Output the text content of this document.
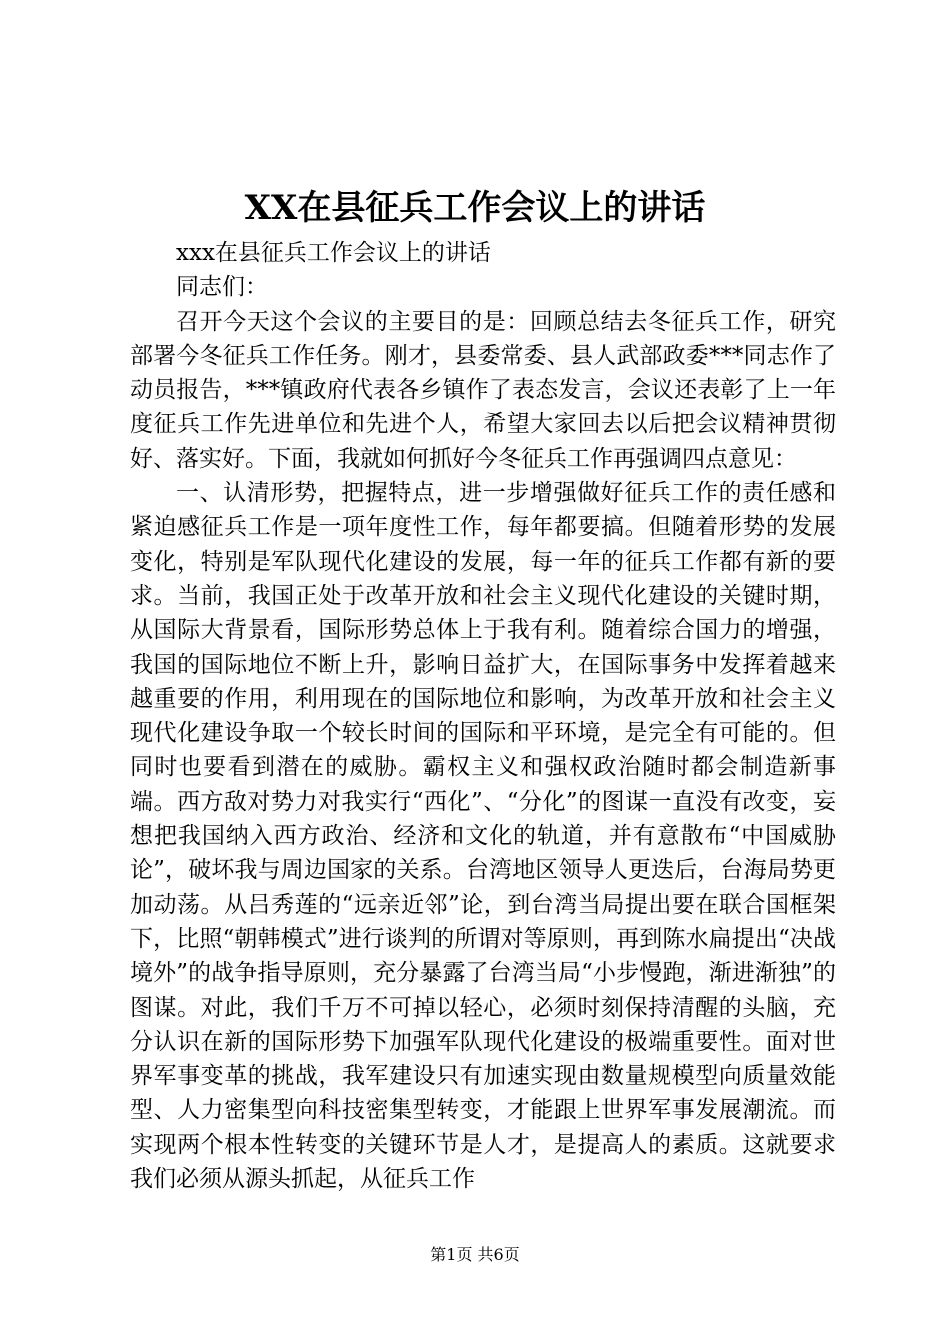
XX在县征兵工作会议上的讲话

xxx在县征兵工作会议上的讲话

同志们：

召开今天这个会议的主要目的是：回顾总结去冬征兵工作，研究部署今冬征兵工作任务。刚才，县委常委、县人武部政委***同志作了动员报告，***镇政府代表各乡镇作了表态发言，会议还表彰了上一年度征兵工作先进单位和先进个人，希望大家回去以后把会议精神贯彻好、落实好。下面，我就如何抓好今冬征兵工作再强调四点意见：

一、认清形势，把握特点，进一步增强做好征兵工作的责任感和紧迫感征兵工作是一项年度性工作，每年都要搞。但随着形势的发展变化，特别是军队现代化建设的发展，每一年的征兵工作都有新的要求。当前，我国正处于改革开放和社会主义现代化建设的关键时期，从国际大背景看，国际形势总体上于我有利。随着综合国力的增强，我国的国际地位不断上升，影响日益扩大，在国际事务中发挥着越来越重要的作用，利用现在的国际地位和影响，为改革开放和社会主义现代化建设争取一个较长时间的国际和平环境，是完全有可能的。但同时也要看到潜在的威胁。霸权主义和强权政治随时都会制造新事端。西方敌对势力对我实行“西化”、“分化”的图谋一直没有改变，妄想把我国纳入西方政治、经济和文化的轨道，并有意散布“中国威胁论”，破坏我与周边国家的关系。台湾地区领导人更迭后，台海局势更加动荡。从吕秀莲的“远亲近邻”论，到台湾当局提出要在联合国框架下，比照“朝韩模式”进行谈判的所谓对等原则，再到陈水扁提出“决战境外”的战争指导原则，充分暴露了台湾当局“小步慢跑，渐进渐独”的图谋。对此，我们千万不可掉以轻心，必须时刻保持清醒的头脑，充分认识在新的国际形势下加强军队现代化建设的极端重要性。面对世界军事变革的挑战，我军建设只有加速实现由数量规模型向质量效能型、人力密集型向科技密集型转变，才能跟上世界军事发展潮流。而实现两个根本性转变的关键环节是人才，是提高人的素质。这就要求我们必须从源头抓起，从征兵工作

第1页 共6页
